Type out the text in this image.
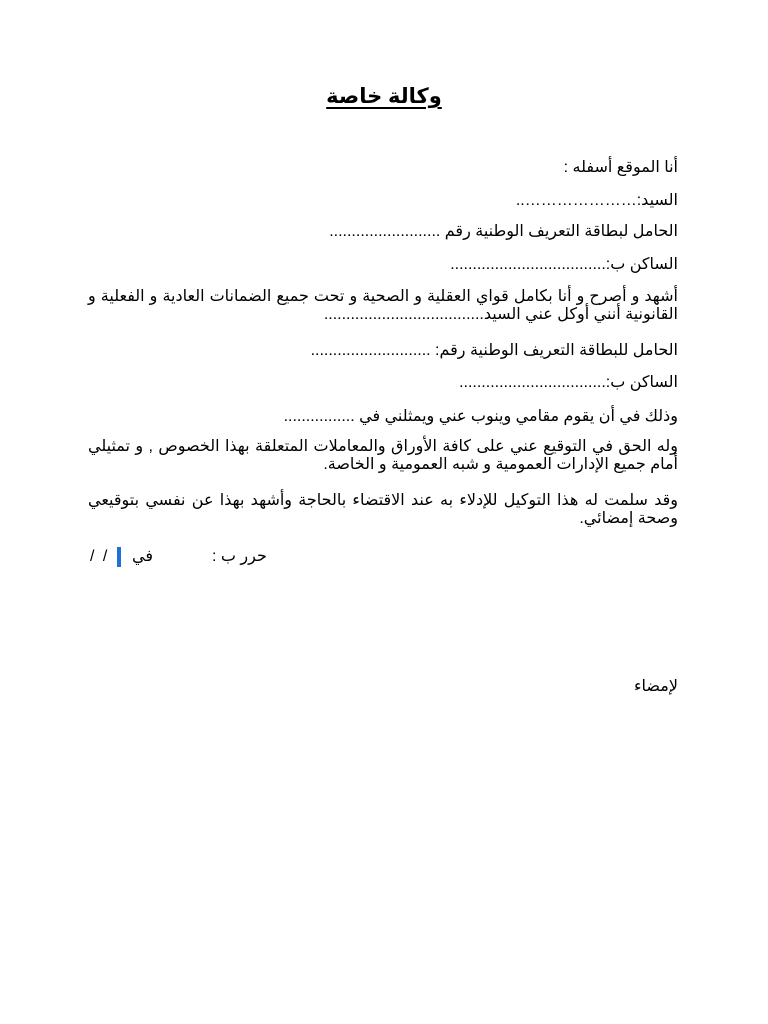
وكالة خاصة
أنا الموقع أسفله :
السيد:…………………..
الحامل لبطاقة التعريف الوطنية رقم .........................
الساكن ب:...................................
أشهد و أصرح و أنا بكامل قواي العقلية و الصحية و تحت جميع الضمانات العادية و الفعلية و القانونية أنني أوكل عني السيد....................................
الحامل للبطاقة التعريف الوطنية رقم: ...........................
الساكن ب:.................................
وذلك في أن يقوم مقامي وينوب عني ويمثلني في ................
وله الحق في التوقيع عني على كافة الأوراق والمعاملات المتعلقة بهذا الخصوص , و تمثيلي أمام جميع الإدارات العمومية و شبه العمومية و الخاصة.
وقد سلمت له هذا التوكيل للإدلاء به عند الاقتضاء بالحاجة وأشهد بهذا عن نفسي بتوقيعي وصحة إمضائي.
حرر ب :
في
/ /
لإمضاء
